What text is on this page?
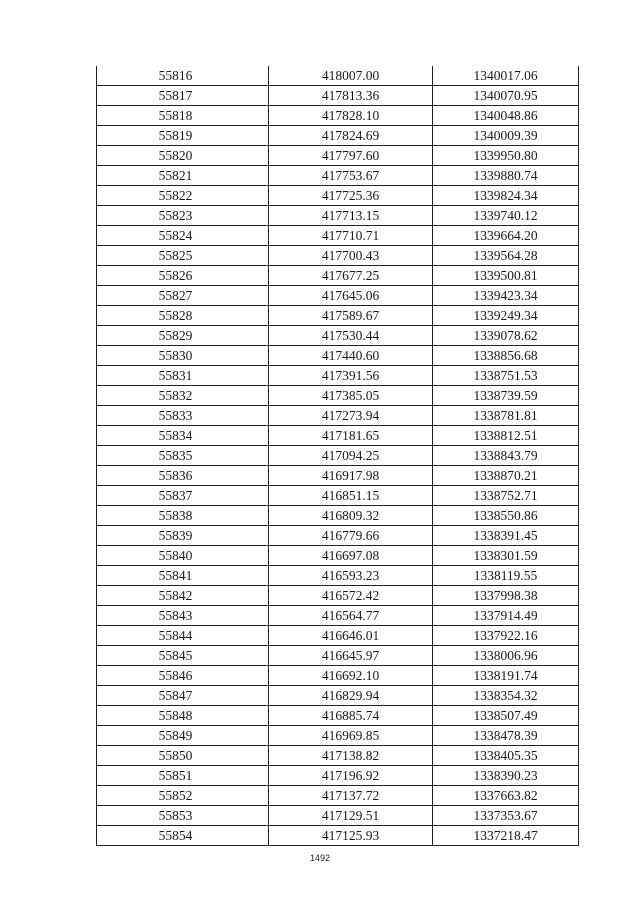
55816	418007.00	1340017.06
55817	417813.36	1340070.95
55818	417828.10	1340048.86
55819	417824.69	1340009.39
55820	417797.60	1339950.80
55821	417753.67	1339880.74
55822	417725.36	1339824.34
55823	417713.15	1339740.12
55824	417710.71	1339664.20
55825	417700.43	1339564.28
55826	417677.25	1339500.81
55827	417645.06	1339423.34
55828	417589.67	1339249.34
55829	417530.44	1339078.62
55830	417440.60	1338856.68
55831	417391.56	1338751.53
55832	417385.05	1338739.59
55833	417273.94	1338781.81
55834	417181.65	1338812.51
55835	417094.25	1338843.79
55836	416917.98	1338870.21
55837	416851.15	1338752.71
55838	416809.32	1338550.86
55839	416779.66	1338391.45
55840	416697.08	1338301.59
55841	416593.23	1338119.55
55842	416572.42	1337998.38
55843	416564.77	1337914.49
55844	416646.01	1337922.16
55845	416645.97	1338006.96
55846	416692.10	1338191.74
55847	416829.94	1338354.32
55848	416885.74	1338507.49
55849	416969.85	1338478.39
55850	417138.82	1338405.35
55851	417196.92	1338390.23
55852	417137.72	1337663.82
55853	417129.51	1337353.67
55854	417125.93	1337218.47
1492
